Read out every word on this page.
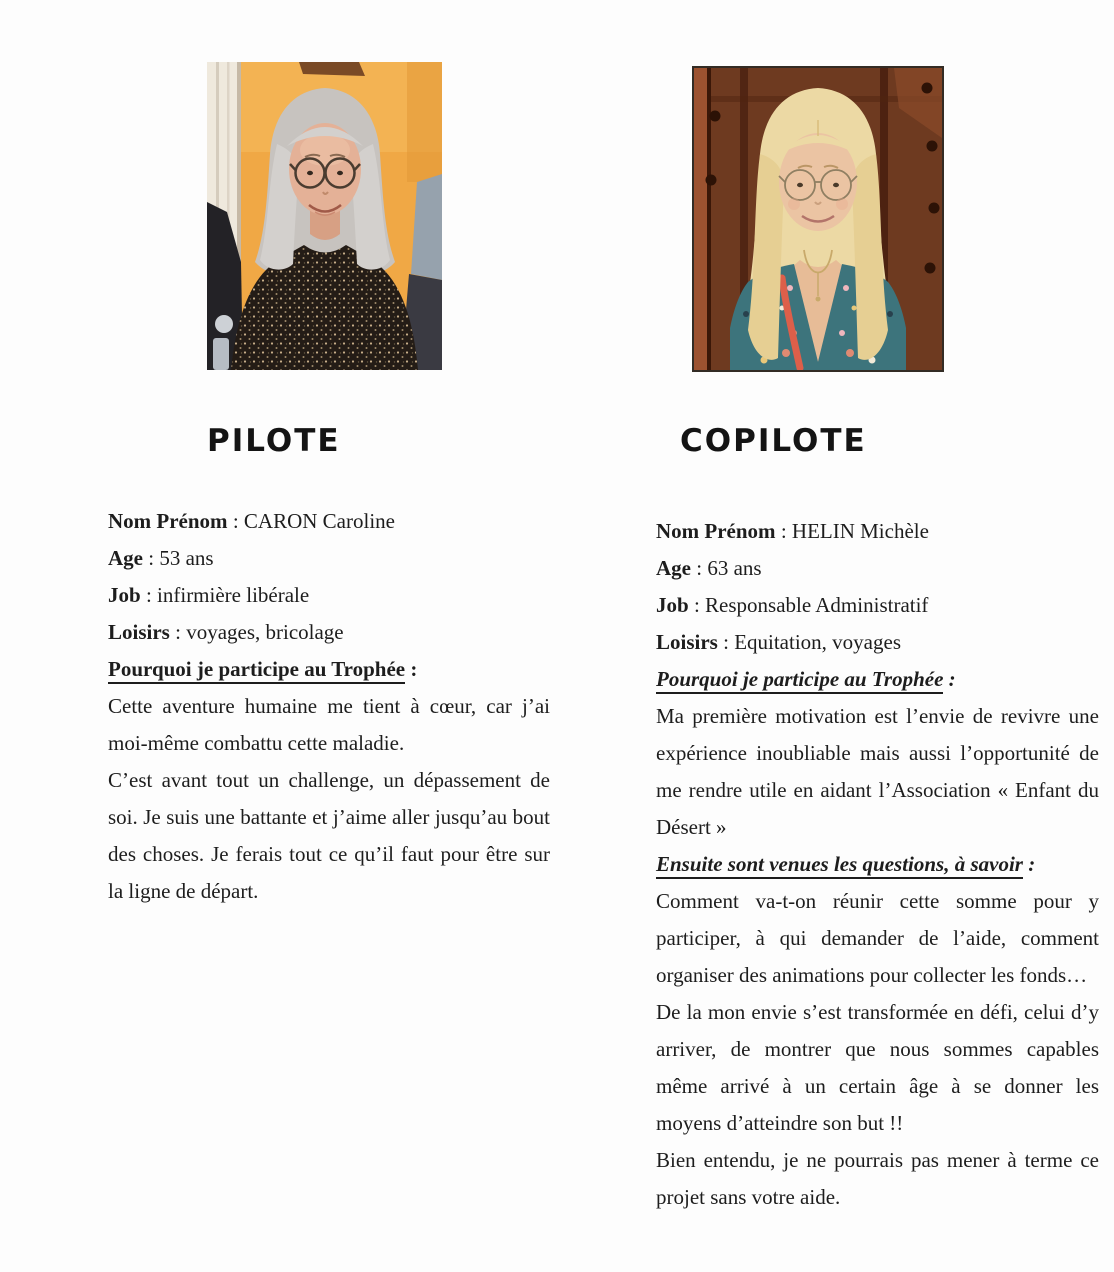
PILOTE	COPILOTE
Nom Prénom : CARON Caroline
Age : 53 ans
Job : infirmière libérale
Loisirs : voyages, bricolage
Pourquoi je participe au Trophée :

Cette aventure humaine me tient à cœur, car j’ai moi-même combattu cette maladie.

C’est avant tout un challenge, un dépassement de soi. Je suis une battante et j’aime aller jusqu’au bout des choses. Je ferais tout ce qu’il faut pour être sur la ligne de départ.

Nom Prénom : HELIN Michèle
Age : 63 ans
Job : Responsable Administratif
Loisirs : Equitation, voyages
Pourquoi je participe au Trophée :

Ma première motivation est l’envie de revivre une expérience inoubliable mais aussi l’opportunité de me rendre utile en aidant l’Association « Enfant du Désert »

Ensuite sont venues les questions, à savoir :

Comment va-t-on réunir cette somme pour y participer, à qui demander de l’aide, comment organiser des animations pour collecter les fonds…

De la mon envie s’est transformée en défi, celui d’y arriver, de montrer que nous sommes capables même arrivé à un certain âge à se donner les moyens d’atteindre son but !!

Bien entendu, je ne pourrais pas mener à terme ce projet sans votre aide.
